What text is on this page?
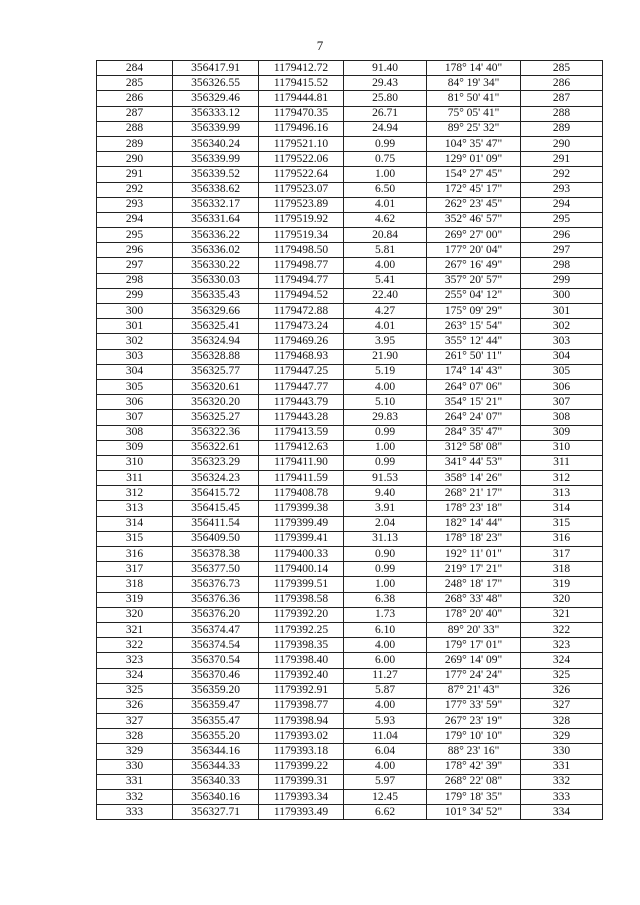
7
284	356417.91	1179412.72	91.40	178° 14' 40"	285
285	356326.55	1179415.52	29.43	84° 19' 34"	286
286	356329.46	1179444.81	25.80	81° 50' 41"	287
287	356333.12	1179470.35	26.71	75° 05' 41"	288
288	356339.99	1179496.16	24.94	89° 25' 32"	289
289	356340.24	1179521.10	0.99	104° 35' 47"	290
290	356339.99	1179522.06	0.75	129° 01' 09"	291
291	356339.52	1179522.64	1.00	154° 27' 45"	292
292	356338.62	1179523.07	6.50	172° 45' 17"	293
293	356332.17	1179523.89	4.01	262° 23' 45"	294
294	356331.64	1179519.92	4.62	352° 46' 57"	295
295	356336.22	1179519.34	20.84	269° 27' 00"	296
296	356336.02	1179498.50	5.81	177° 20' 04"	297
297	356330.22	1179498.77	4.00	267° 16' 49"	298
298	356330.03	1179494.77	5.41	357° 20' 57"	299
299	356335.43	1179494.52	22.40	255° 04' 12"	300
300	356329.66	1179472.88	4.27	175° 09' 29"	301
301	356325.41	1179473.24	4.01	263° 15' 54"	302
302	356324.94	1179469.26	3.95	355° 12' 44"	303
303	356328.88	1179468.93	21.90	261° 50' 11"	304
304	356325.77	1179447.25	5.19	174° 14' 43"	305
305	356320.61	1179447.77	4.00	264° 07' 06"	306
306	356320.20	1179443.79	5.10	354° 15' 21"	307
307	356325.27	1179443.28	29.83	264° 24' 07"	308
308	356322.36	1179413.59	0.99	284° 35' 47"	309
309	356322.61	1179412.63	1.00	312° 58' 08"	310
310	356323.29	1179411.90	0.99	341° 44' 53"	311
311	356324.23	1179411.59	91.53	358° 14' 26"	312
312	356415.72	1179408.78	9.40	268° 21' 17"	313
313	356415.45	1179399.38	3.91	178° 23' 18"	314
314	356411.54	1179399.49	2.04	182° 14' 44"	315
315	356409.50	1179399.41	31.13	178° 18' 23"	316
316	356378.38	1179400.33	0.90	192° 11' 01"	317
317	356377.50	1179400.14	0.99	219° 17' 21"	318
318	356376.73	1179399.51	1.00	248° 18' 17"	319
319	356376.36	1179398.58	6.38	268° 33' 48"	320
320	356376.20	1179392.20	1.73	178° 20' 40"	321
321	356374.47	1179392.25	6.10	89° 20' 33"	322
322	356374.54	1179398.35	4.00	179° 17' 01"	323
323	356370.54	1179398.40	6.00	269° 14' 09"	324
324	356370.46	1179392.40	11.27	177° 24' 24"	325
325	356359.20	1179392.91	5.87	87° 21' 43"	326
326	356359.47	1179398.77	4.00	177° 33' 59"	327
327	356355.47	1179398.94	5.93	267° 23' 19"	328
328	356355.20	1179393.02	11.04	179° 10' 10"	329
329	356344.16	1179393.18	6.04	88° 23' 16"	330
330	356344.33	1179399.22	4.00	178° 42' 39"	331
331	356340.33	1179399.31	5.97	268° 22' 08"	332
332	356340.16	1179393.34	12.45	179° 18' 35"	333
333	356327.71	1179393.49	6.62	101° 34' 52"	334
